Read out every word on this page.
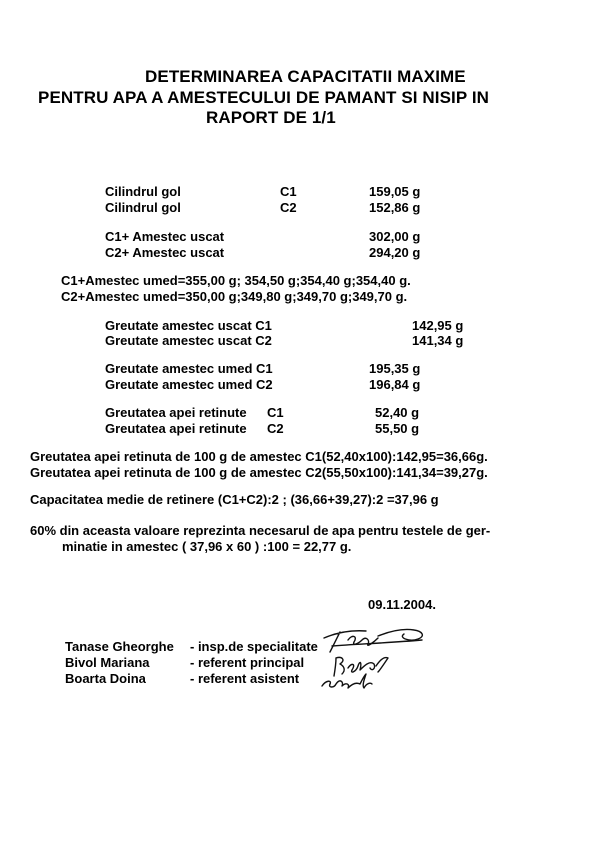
DETERMINAREA CAPACITATII MAXIME
PENTRU APA A AMESTECULUI DE PAMANT SI NISIP IN
RAPORT DE 1/1
Cilindrul gol	C1	159,05 g
Cilindrul gol	C2	152,86 g
C1+ Amestec uscat	302,00 g
C2+ Amestec uscat	294,20 g
C1+Amestec umed=355,00 g; 354,50 g;354,40 g;354,40 g.
C2+Amestec umed=350,00 g;349,80 g;349,70 g;349,70 g.
Greutate amestec uscat C1	142,95 g
Greutate amestec uscat C2	141,34 g
Greutate amestec umed C1	195,35 g
Greutate amestec umed C2	196,84 g
Greutatea apei retinute C1	52,40 g
Greutatea apei retinute C2	55,50 g
Greutatea apei retinuta de 100 g de amestec C1(52,40x100):142,95=36,66g.
Greutatea apei retinuta de 100 g de amestec C2(55,50x100):141,34=39,27g.
Capacitatea medie de retinere (C1+C2):2 ; (36,66+39,27):2 =37,96 g
60% din aceasta valoare reprezinta necesarul de apa pentru testele de ger-
minatie in amestec ( 37,96 x 60 ) :100 = 22,77 g.
09.11.2004.
Tanase Gheorghe - insp.de specialitate
Bivol Mariana	- referent principal
Boarta Doina	- referent asistent
